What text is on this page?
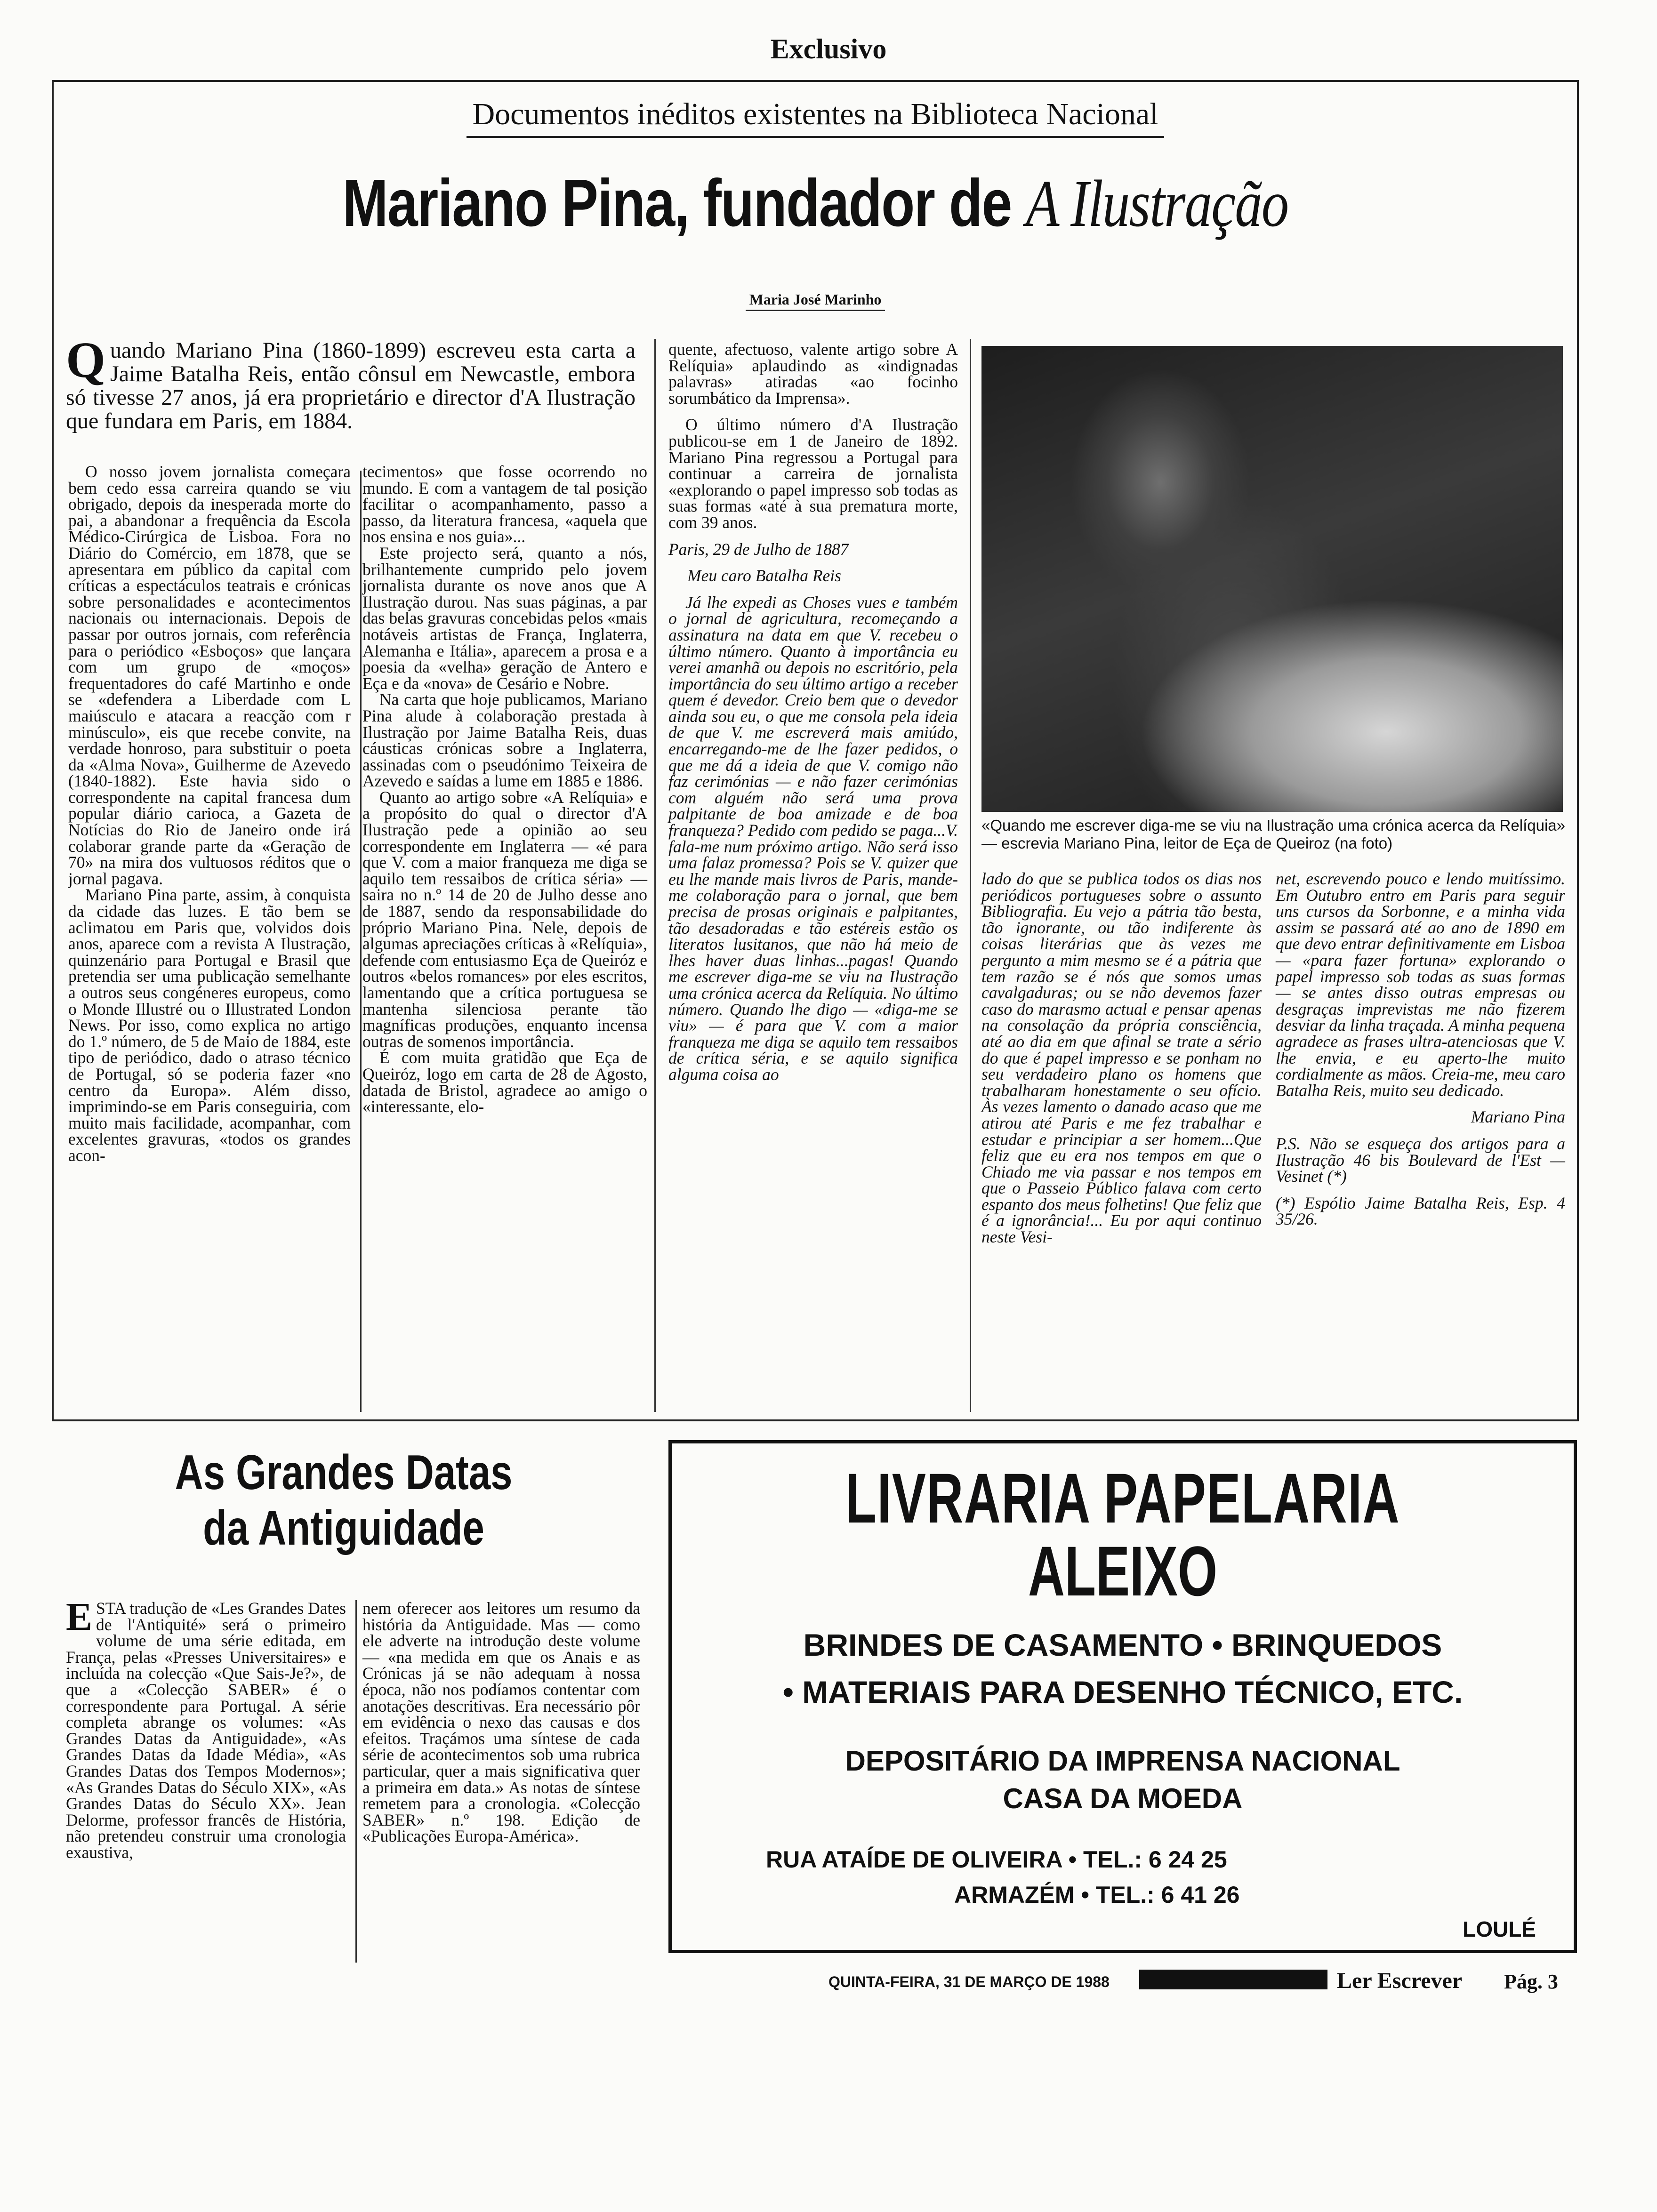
Exclusivo
Documentos inéditos existentes na Biblioteca Nacional
Mariano Pina, fundador de A Ilustração
Maria José Marinho
Quando Mariano Pina (1860-1899) escreveu esta carta a Jaime Batalha Reis, então cônsul em Newcastle, embora só tivesse 27 anos, já era proprietário e director d'A Ilustração que fundara em Paris, em 1884.

O nosso jovem jornalista começara bem cedo essa carreira quando se viu obrigado, depois da inesperada morte do pai, a abandonar a frequência da Escola Médico-Cirúrgica de Lisboa. Fora no Diário do Comércio, em 1878, que se apresentara em público da capital com críticas a espectáculos teatrais e crónicas sobre personalidades e acontecimentos nacionais ou internacionais. Depois de passar por outros jornais, com referência para o periódico «Esboços» que lançara com um grupo de «moços» frequentadores do café Martinho e onde se «defendera a Liberdade com L maiúsculo e atacara a reacção com r minúsculo», eis que recebe convite, na verdade honroso, para substituir o poeta da «Alma Nova», Guilherme de Azevedo (1840-1882). Este havia sido o correspondente na capital francesa dum popular diário carioca, a Gazeta de Notícias do Rio de Janeiro onde irá colaborar grande parte da «Geração de 70» na mira dos vultuosos réditos que o jornal pagava.

Mariano Pina parte, assim, à conquista da cidade das luzes. E tão bem se aclimatou em Paris que, volvidos dois anos, aparece com a revista A Ilustração, quinzenário para Portugal e Brasil que pretendia ser uma publicação semelhante a outros seus congéneres europeus, como o Monde Illustré ou o Illustrated London News. Por isso, como explica no artigo do 1.º número, de 5 de Maio de 1884, este tipo de periódico, dado o atraso técnico de Portugal, só se poderia fazer «no centro da Europa». Além disso, imprimindo-se em Paris conseguiria, com muito mais facilidade, acompanhar, com excelentes gravuras, «todos os grandes acon-

tecimentos» que fosse ocorrendo no mundo. E com a vantagem de tal posição facilitar o acompanhamento, passo a passo, da literatura francesa, «aquela que nos ensina e nos guia»...

Este projecto será, quanto a nós, brilhantemente cumprido pelo jovem jornalista durante os nove anos que A Ilustração durou. Nas suas páginas, a par das belas gravuras concebidas pelos «mais notáveis artistas de França, Inglaterra, Alemanha e Itália», aparecem a prosa e a poesia da «velha» geração de Antero e Eça e da «nova» de Cesário e Nobre.

Na carta que hoje publicamos, Mariano Pina alude à colaboração prestada à Ilustração por Jaime Batalha Reis, duas cáusticas crónicas sobre a Inglaterra, assinadas com o pseudónimo Teixeira de Azevedo e saídas a lume em 1885 e 1886.

Quanto ao artigo sobre «A Relíquia» e a propósito do qual o director d'A Ilustração pede a opinião ao seu correspondente em Inglaterra — «é para que V. com a maior franqueza me diga se aquilo tem ressaibos de crítica séria» — saira no n.º 14 de 20 de Julho desse ano de 1887, sendo da responsabilidade do próprio Mariano Pina. Nele, depois de algumas apreciações críticas à «Relíquia», defende com entusiasmo Eça de Queiróz e outros «belos romances» por eles escritos, lamentando que a crítica portuguesa se mantenha silenciosa perante tão magníficas produções, enquanto incensa outras de somenos importância.

É com muita gratidão que Eça de Queiróz, logo em carta de 28 de Agosto, datada de Bristol, agradece ao amigo o «interessante, elo-

quente, afectuoso, valente artigo sobre A Relíquia» aplaudindo as «indignadas palavras» atiradas «ao focinho sorumbático da Imprensa».

O último número d'A Ilustração publicou-se em 1 de Janeiro de 1892. Mariano Pina regressou a Portugal para continuar a carreira de jornalista «explorando o papel impresso sob todas as suas formas «até à sua prematura morte, com 39 anos.

Paris, 29 de Julho de 1887

Meu caro Batalha Reis

Já lhe expedi as Choses vues e também o jornal de agricultura, recomeçando a assinatura na data em que V. recebeu o último número. Quanto à importância eu verei amanhã ou depois no escritório, pela importância do seu último artigo a receber quem é devedor. Creio bem que o devedor ainda sou eu, o que me consola pela ideia de que V. me escreverá mais amiúdo, encarregando-me de lhe fazer pedidos, o que me dá a ideia de que V. comigo não faz cerimónias — e não fazer cerimónias com alguém não será uma prova palpitante de boa amizade e de boa franqueza? Pedido com pedido se paga...V. fala-me num próximo artigo. Não será isso uma falaz promessa? Pois se V. quizer que eu lhe mande mais livros de Paris, mande-me colaboração para o jornal, que bem precisa de prosas originais e palpitantes, tão desadoradas e tão estéreis estão os literatos lusitanos, que não há meio de lhes haver duas linhas...pagas! Quando me escrever diga-me se viu na Ilustração uma crónica acerca da Relíquia. No último número. Quando lhe digo — «diga-me se viu» — é para que V. com a maior franqueza me diga se aquilo tem ressaibos de crítica séria, e se aquilo significa alguma coisa ao

«Quando me escrever diga-me se viu na Ilustração uma crónica acerca da Relíquia» — escrevia Mariano Pina, leitor de Eça de Queiroz (na foto)

lado do que se publica todos os dias nos periódicos portugueses sobre o assunto Bibliografia. Eu vejo a pátria tão besta, tão ignorante, ou tão indiferente às coisas literárias que às vezes me pergunto a mim mesmo se é a pátria que tem razão se é nós que somos umas cavalgaduras; ou se não devemos fazer caso do marasmo actual e pensar apenas na consolação da própria consciência, até ao dia em que afinal se trate a sério do que é papel impresso e se ponham no seu verdadeiro plano os homens que trabalharam honestamente o seu ofício. Às vezes lamento o danado acaso que me atirou até Paris e me fez trabalhar e estudar e principiar a ser homem...Que feliz que eu era nos tempos em que o Chiado me via passar e nos tempos em que o Passeio Público falava com certo espanto dos meus folhetins! Que feliz que é a ignorância!... Eu por aqui continuo neste Vesi-

net, escrevendo pouco e lendo muitíssimo. Em Outubro entro em Paris para seguir uns cursos da Sorbonne, e a minha vida assim se passará até ao ano de 1890 em que devo entrar definitivamente em Lisboa — «para fazer fortuna» explorando o papel impresso sob todas as suas formas — se antes disso outras empresas ou desgraças imprevistas me não fizerem desviar da linha traçada. A minha pequena agradece as frases ultra-atenciosas que V. lhe envia, e eu aperto-lhe muito cordialmente as mãos. Creia-me, meu caro Batalha Reis, muito seu dedicado.

Mariano Pina

P.S. Não se esqueça dos artigos para a Ilustração 46 bis Boulevard de l'Est — Vesinet (*)

(*) Espólio Jaime Batalha Reis, Esp. 4 35/26.

As Grandes Datas
da Antiguidade

ESTA tradução de «Les Grandes Dates de l'Antiquité» será o primeiro volume de uma série editada, em França, pelas «Presses Universitaires» e incluída na colecção «Que Sais-Je?», de que a «Colecção SABER» é o correspondente para Portugal. A série completa abrange os volumes: «As Grandes Datas da Antiguidade», «As Grandes Datas da Idade Média», «As Grandes Datas dos Tempos Modernos»; «As Grandes Datas do Século XIX», «As Grandes Datas do Século XX». Jean Delorme, professor francês de História, não pretendeu construir uma cronologia exaustiva,

nem oferecer aos leitores um resumo da história da Antiguidade. Mas — como ele adverte na introdução deste volume — «na medida em que os Anais e as Crónicas já se não adequam à nossa época, não nos podíamos contentar com anotações descritivas. Era necessário pôr em evidência o nexo das causas e dos efeitos. Traçámos uma síntese de cada série de acontecimentos sob uma rubrica particular, quer a mais significativa quer a primeira em data.» As notas de síntese remetem para a cronologia. «Colecção SABER» n.º 198. Edição de «Publicações Europa-América».

LIVRARIA PAPELARIA
ALEIXO
BRINDES DE CASAMENTO • BRINQUEDOS
• MATERIAIS PARA DESENHO TÉCNICO, ETC.
DEPOSITÁRIO DA IMPRENSA NACIONAL
CASA DA MOEDA
RUA ATAÍDE DE OLIVEIRA • TEL.: 6 24 25
ARMAZÉM • TEL.: 6 41 26
LOULÉ
QUINTA-FEIRA, 31 DE MARÇO DE 1988	Ler Escrever Pág. 3
